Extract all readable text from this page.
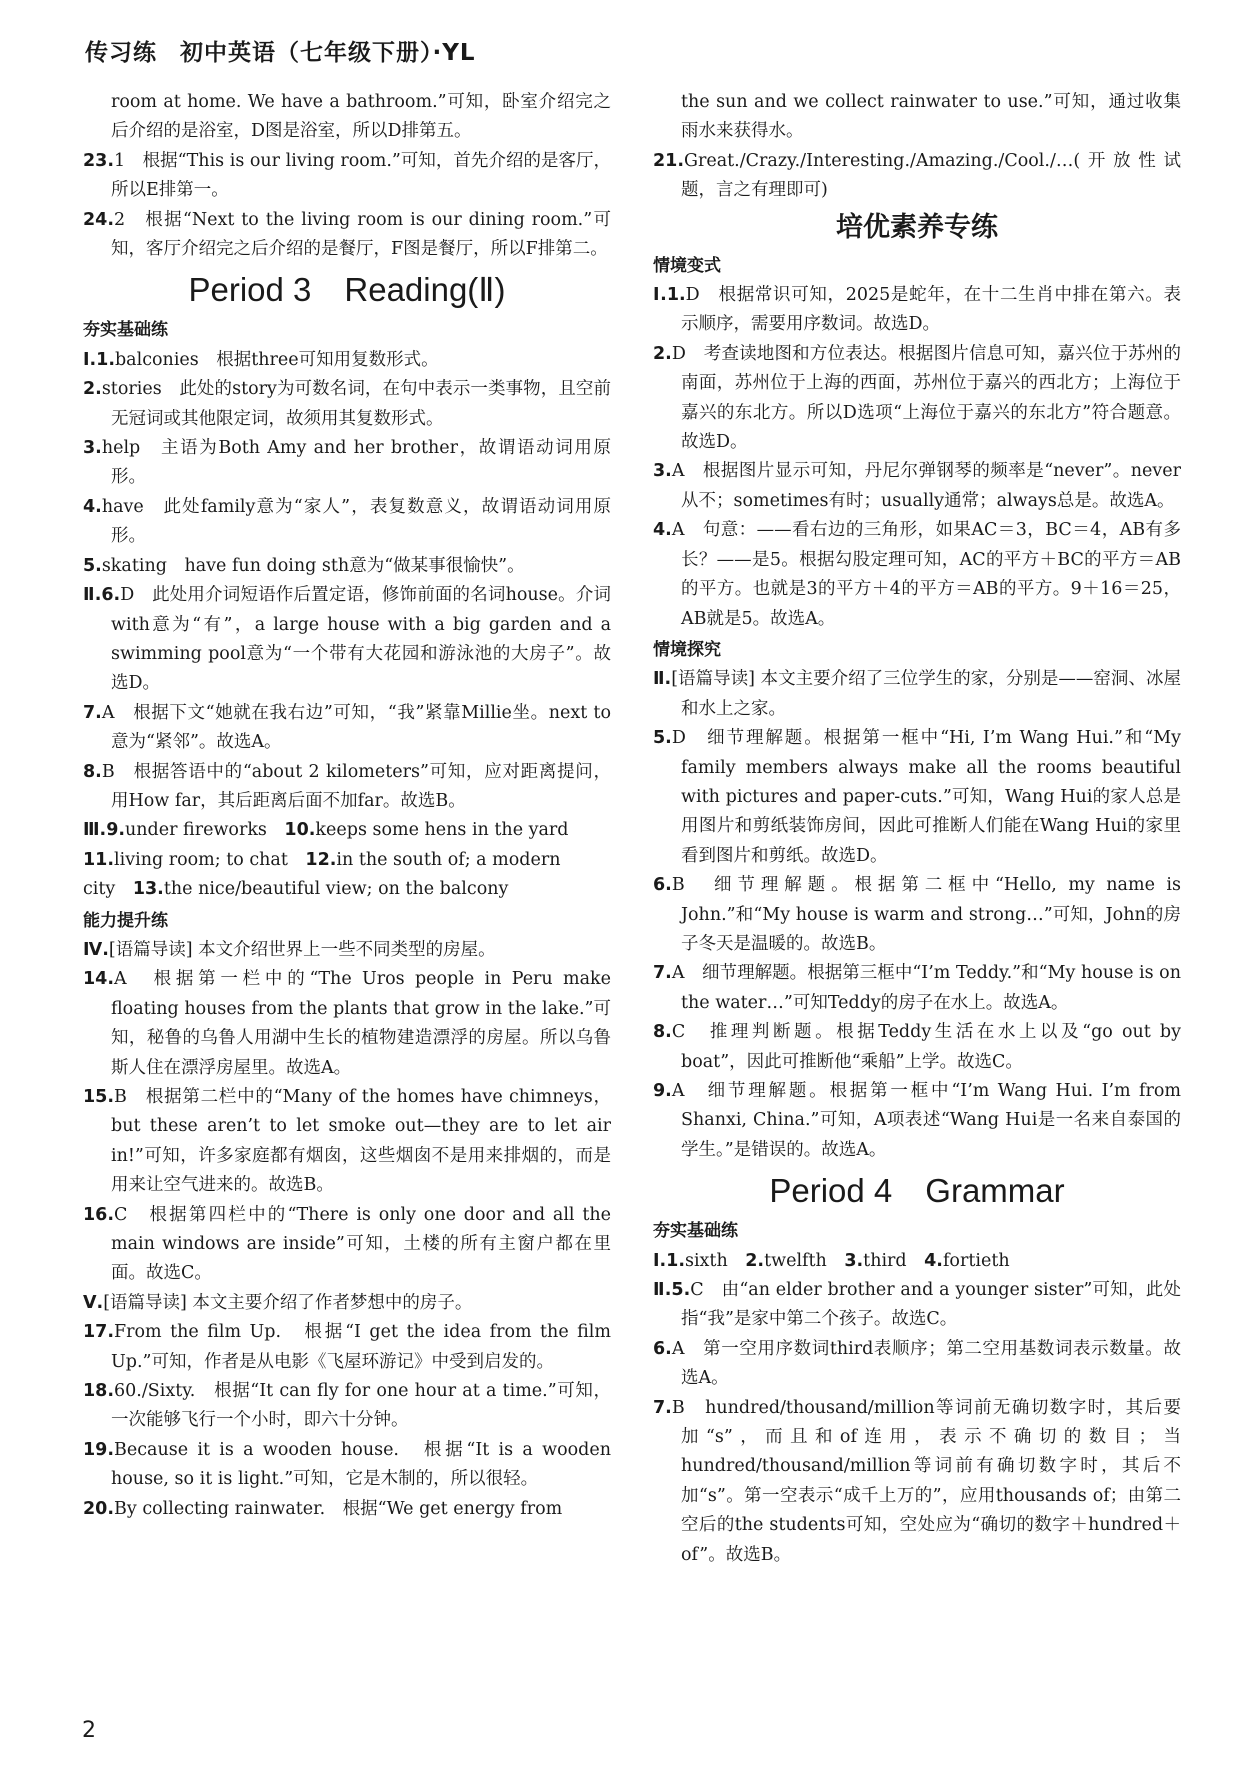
传习练 初中英语（七年级下册）·YL

room at home. We have a bathroom.”可知，卧室介绍完之后介绍的是浴室，D图是浴室，所以D排第五。

23.1　根据“This is our living room.”可知，首先介绍的是客厅，所以E排第一。

24.2　根据“Next to the living room is our dining room.”可知，客厅介绍完之后介绍的是餐厅，F图是餐厅，所以F排第二。

Period 3　Reading(Ⅱ)
夯实基础练

Ⅰ.1.balconies　根据three可知用复数形式。

2.stories　此处的story为可数名词，在句中表示一类事物，且空前无冠词或其他限定词，故须用其复数形式。

3.help　主语为Both Amy and her brother，故谓语动词用原形。

4.have　此处family意为“家人”，表复数意义，故谓语动词用原形。

5.skating　have fun doing sth意为“做某事很愉快”。

Ⅱ.6.D　此处用介词短语作后置定语，修饰前面的名词house。介词with意为“有”，a large house with a big garden and a swimming pool意为“一个带有大花园和游泳池的大房子”。故选D。

7.A　根据下文“她就在我右边”可知，“我”紧靠Millie坐。next to意为“紧邻”。故选A。

8.B　根据答语中的“about 2 kilometers”可知，应对距离提问，用How far，其后距离后面不加far。故选B。

Ⅲ.9.under fireworks　10.keeps some hens in the yard

11.living room; to chat　12.in the south of; a modern

city　13.the nice/beautiful view; on the balcony

能力提升练

Ⅳ.[语篇导读] 本文介绍世界上一些不同类型的房屋。

14.A　根据第一栏中的“The Uros people in Peru make floating houses from the plants that grow in the lake.”可知，秘鲁的乌鲁人用湖中生长的植物建造漂浮的房屋。所以乌鲁斯人住在漂浮房屋里。故选A。

15.B　根据第二栏中的“Many of the homes have chimneys，but these aren’t to let smoke out—they are to let air in!”可知，许多家庭都有烟囱，这些烟囱不是用来排烟的，而是用来让空气进来的。故选B。

16.C　根据第四栏中的“There is only one door and all the main windows are inside”可知，土楼的所有主窗户都在里面。故选C。

Ⅴ.[语篇导读] 本文主要介绍了作者梦想中的房子。

17.From the film Up.　根据“I get the idea from the film Up.”可知，作者是从电影《飞屋环游记》中受到启发的。

18.60./Sixty.　根据“It can fly for one hour at a time.”可知，一次能够飞行一个小时，即六十分钟。

19.Because it is a wooden house.　根据“It is a wooden house, so it is light.”可知，它是木制的，所以很轻。

20.By collecting rainwater.　根据“We get energy from

the sun and we collect rainwater to use.”可知，通过收集雨水来获得水。

21.Great./Crazy./Interesting./Amazing./Cool./…(开放性试题，言之有理即可)

培优素养专练
情境变式

Ⅰ.1.D　根据常识可知，2025是蛇年，在十二生肖中排在第六。表示顺序，需要用序数词。故选D。

2.D　考查读地图和方位表达。根据图片信息可知，嘉兴位于苏州的南面，苏州位于上海的西面，苏州位于嘉兴的西北方；上海位于嘉兴的东北方。所以D选项“上海位于嘉兴的东北方”符合题意。故选D。

3.A　根据图片显示可知，丹尼尔弹钢琴的频率是“never”。never从不；sometimes有时；usually通常；always总是。故选A。

4.A　句意：——看右边的三角形，如果AC＝3，BC＝4，AB有多长？——是5。根据勾股定理可知，AC的平方＋BC的平方＝AB的平方。也就是3的平方＋4的平方＝AB的平方。9＋16＝25，AB就是5。故选A。

情境探究

Ⅱ.[语篇导读] 本文主要介绍了三位学生的家，分别是——窑洞、冰屋和水上之家。

5.D　细节理解题。根据第一框中“Hi, I’m Wang Hui.”和“My family members always make all the rooms beautiful with pictures and paper-cuts.”可知，Wang Hui的家人总是用图片和剪纸装饰房间，因此可推断人们能在Wang Hui的家里看到图片和剪纸。故选D。

6.B　细节理解题。根据第二框中“Hello, my name is John.”和“My house is warm and strong…”可知，John的房子冬天是温暖的。故选B。

7.A　细节理解题。根据第三框中“I’m Teddy.”和“My house is on the water…”可知Teddy的房子在水上。故选A。

8.C　推理判断题。根据Teddy生活在水上以及“go out by boat”，因此可推断他“乘船”上学。故选C。

9.A　细节理解题。根据第一框中“I’m Wang Hui. I’m from Shanxi, China.”可知，A项表述“Wang Hui是一名来自泰国的学生。”是错误的。故选A。

Period 4　Grammar
夯实基础练

Ⅰ.1.sixth　2.twelfth　3.third　4.fortieth

Ⅱ.5.C　由“an elder brother and a younger sister”可知，此处指“我”是家中第二个孩子。故选C。

6.A　第一空用序数词third表顺序；第二空用基数词表示数量。故选A。

7.B　hundred/thousand/million等词前无确切数字时，其后要加“s”，而且和of连用，表示不确切的数目；当hundred/thousand/million等词前有确切数字时，其后不加“s”。第一空表示“成千上万的”，应用thousands of；由第二空后的the students可知，空处应为“确切的数字＋hundred＋of”。故选B。

2
